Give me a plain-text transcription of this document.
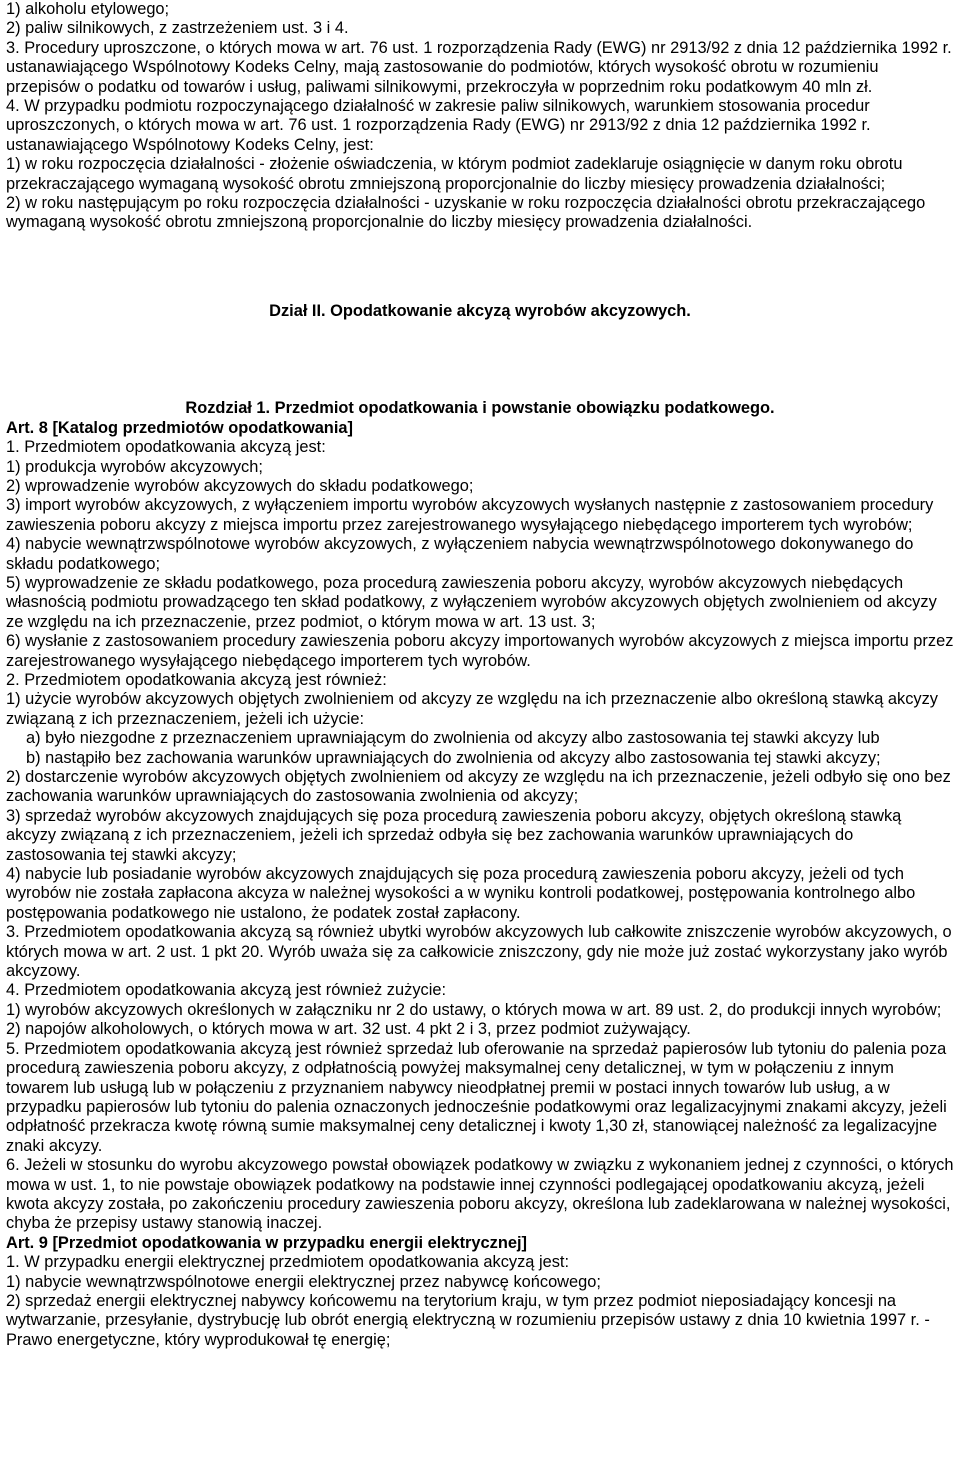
1) alkoholu etylowego;

2) paliw silnikowych, z zastrzeżeniem ust. 3 i 4.

3. Procedury uproszczone, o których mowa w art. 76 ust. 1 rozporządzenia Rady (EWG) nr 2913/92 z dnia 12 października 1992 r. ustanawiającego Wspólnotowy Kodeks Celny, mają zastosowanie do podmiotów, których wysokość obrotu w rozumieniu przepisów o podatku od towarów i usług, paliwami silnikowymi, przekroczyła w poprzednim roku podatkowym 40 mln zł.

4. W przypadku podmiotu rozpoczynającego działalność w zakresie paliw silnikowych, warunkiem stosowania procedur uproszczonych, o których mowa w art. 76 ust. 1 rozporządzenia Rady (EWG) nr 2913/92 z dnia 12 października 1992 r. ustanawiającego Wspólnotowy Kodeks Celny, jest:

1) w roku rozpoczęcia działalności - złożenie oświadczenia, w którym podmiot zadeklaruje osiągnięcie w danym roku obrotu przekraczającego wymaganą wysokość obrotu zmniejszoną proporcjonalnie do liczby miesięcy prowadzenia działalności;

2) w roku następującym po roku rozpoczęcia działalności - uzyskanie w roku rozpoczęcia działalności obrotu przekraczającego wymaganą wysokość obrotu zmniejszoną proporcjonalnie do liczby miesięcy prowadzenia działalności.

Dział II. Opodatkowanie akcyzą wyrobów akcyzowych.

Rozdział 1. Przedmiot opodatkowania i powstanie obowiązku podatkowego.

Art. 8 [Katalog przedmiotów opodatkowania]

1. Przedmiotem opodatkowania akcyzą jest:

1) produkcja wyrobów akcyzowych;

2) wprowadzenie wyrobów akcyzowych do składu podatkowego;

3) import wyrobów akcyzowych, z wyłączeniem importu wyrobów akcyzowych wysłanych następnie z zastosowaniem procedury zawieszenia poboru akcyzy z miejsca importu przez zarejestrowanego wysyłającego niebędącego importerem tych wyrobów;

4) nabycie wewnątrzwspólnotowe wyrobów akcyzowych, z wyłączeniem nabycia wewnątrzwspólnotowego dokonywanego do składu podatkowego;

5) wyprowadzenie ze składu podatkowego, poza procedurą zawieszenia poboru akcyzy, wyrobów akcyzowych niebędących własnością podmiotu prowadzącego ten skład podatkowy, z wyłączeniem wyrobów akcyzowych objętych zwolnieniem od akcyzy ze względu na ich przeznaczenie, przez podmiot, o którym mowa w art. 13 ust. 3;

6) wysłanie z zastosowaniem procedury zawieszenia poboru akcyzy importowanych wyrobów akcyzowych z miejsca importu przez zarejestrowanego wysyłającego niebędącego importerem tych wyrobów.

2. Przedmiotem opodatkowania akcyzą jest również:

1) użycie wyrobów akcyzowych objętych zwolnieniem od akcyzy ze względu na ich przeznaczenie albo określoną stawką akcyzy związaną z ich przeznaczeniem, jeżeli ich użycie:

a) było niezgodne z przeznaczeniem uprawniającym do zwolnienia od akcyzy albo zastosowania tej stawki akcyzy lub

b) nastąpiło bez zachowania warunków uprawniających do zwolnienia od akcyzy albo zastosowania tej stawki akcyzy;

2) dostarczenie wyrobów akcyzowych objętych zwolnieniem od akcyzy ze względu na ich przeznaczenie, jeżeli odbyło się ono bez zachowania warunków uprawniających do zastosowania zwolnienia od akcyzy;

3) sprzedaż wyrobów akcyzowych znajdujących się poza procedurą zawieszenia poboru akcyzy, objętych określoną stawką akcyzy związaną z ich przeznaczeniem, jeżeli ich sprzedaż odbyła się bez zachowania warunków uprawniających do zastosowania tej stawki akcyzy;

4) nabycie lub posiadanie wyrobów akcyzowych znajdujących się poza procedurą zawieszenia poboru akcyzy, jeżeli od tych wyrobów nie została zapłacona akcyza w należnej wysokości a w wyniku kontroli podatkowej, postępowania kontrolnego albo postępowania podatkowego nie ustalono, że podatek został zapłacony.

3. Przedmiotem opodatkowania akcyzą są również ubytki wyrobów akcyzowych lub całkowite zniszczenie wyrobów akcyzowych, o których mowa w art. 2 ust. 1 pkt 20. Wyrób uważa się za całkowicie zniszczony, gdy nie może już zostać wykorzystany jako wyrób akcyzowy.

4. Przedmiotem opodatkowania akcyzą jest również zużycie:

1) wyrobów akcyzowych określonych w załączniku nr 2 do ustawy, o których mowa w art. 89 ust. 2, do produkcji innych wyrobów;

2) napojów alkoholowych, o których mowa w art. 32 ust. 4 pkt 2 i 3, przez podmiot zużywający.

5. Przedmiotem opodatkowania akcyzą jest również sprzedaż lub oferowanie na sprzedaż papierosów lub tytoniu do palenia poza procedurą zawieszenia poboru akcyzy, z odpłatnością powyżej maksymalnej ceny detalicznej, w tym w połączeniu z innym towarem lub usługą lub w połączeniu z przyznaniem nabywcy nieodpłatnej premii w postaci innych towarów lub usług, a w przypadku papierosów lub tytoniu do palenia oznaczonych jednocześnie podatkowymi oraz legalizacyjnymi znakami akcyzy, jeżeli odpłatność przekracza kwotę równą sumie maksymalnej ceny detalicznej i kwoty 1,30 zł, stanowiącej należność za legalizacyjne znaki akcyzy.

6. Jeżeli w stosunku do wyrobu akcyzowego powstał obowiązek podatkowy w związku z wykonaniem jednej z czynności, o których mowa w ust. 1, to nie powstaje obowiązek podatkowy na podstawie innej czynności podlegającej opodatkowaniu akcyzą, jeżeli kwota akcyzy została, po zakończeniu procedury zawieszenia poboru akcyzy, określona lub zadeklarowana w należnej wysokości, chyba że przepisy ustawy stanowią inaczej.

Art. 9 [Przedmiot opodatkowania w przypadku energii elektrycznej]

1. W przypadku energii elektrycznej przedmiotem opodatkowania akcyzą jest:

1) nabycie wewnątrzwspólnotowe energii elektrycznej przez nabywcę końcowego;

2) sprzedaż energii elektrycznej nabywcy końcowemu na terytorium kraju, w tym przez podmiot nieposiadający koncesji na wytwarzanie, przesyłanie, dystrybucję lub obrót energią elektryczną w rozumieniu przepisów ustawy z dnia 10 kwietnia 1997 r. - Prawo energetyczne, który wyprodukował tę energię;
